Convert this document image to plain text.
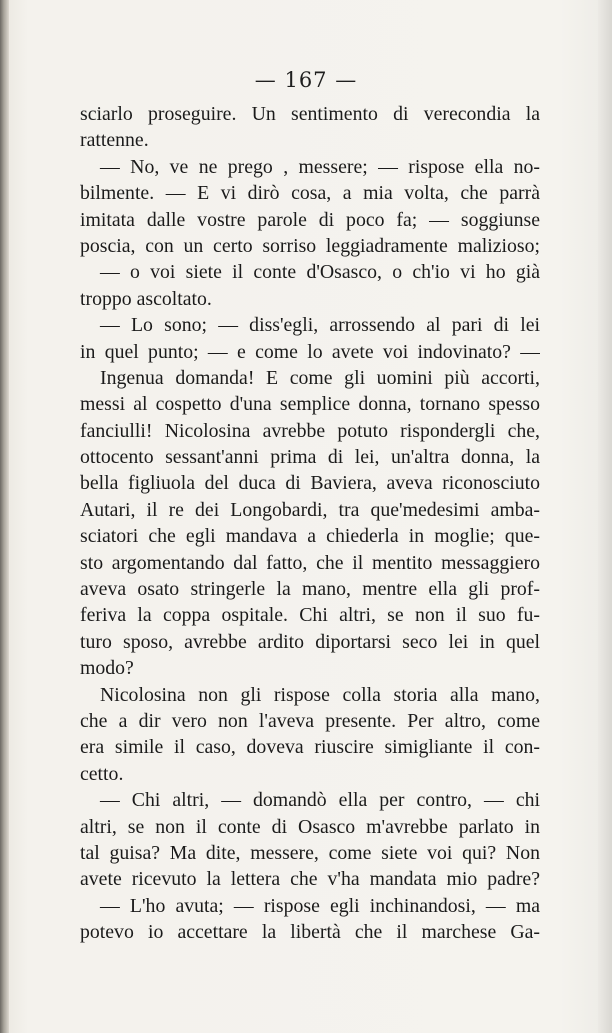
— 167 —
sciarlo proseguire. Un sentimento di verecondia la
rattenne.
— No, ve ne prego , messere; — rispose ella no-
bilmente. — E vi dirò cosa, a mia volta, che parrà
imitata dalle vostre parole di poco fa; — soggiunse
poscia, con un certo sorriso leggiadramente malizioso;
— o voi siete il conte d'Osasco, o ch'io vi ho già
troppo ascoltato.
— Lo sono; — diss'egli, arrossendo al pari di lei
in quel punto; — e come lo avete voi indovinato? —
Ingenua domanda! E come gli uomini più accorti,
messi al cospetto d'una semplice donna, tornano spesso
fanciulli! Nicolosina avrebbe potuto rispondergli che,
ottocento sessant'anni prima di lei, un'altra donna, la
bella figliuola del duca di Baviera, aveva riconosciuto
Autari, il re dei Longobardi, tra que'medesimi amba-
sciatori che egli mandava a chiederla in moglie; que-
sto argomentando dal fatto, che il mentito messaggiero
aveva osato stringerle la mano, mentre ella gli prof-
feriva la coppa ospitale. Chi altri, se non il suo fu-
turo sposo, avrebbe ardito diportarsi seco lei in quel
modo?
Nicolosina non gli rispose colla storia alla mano,
che a dir vero non l'aveva presente. Per altro, come
era simile il caso, doveva riuscire simigliante il con-
cetto.
— Chi altri, — domandò ella per contro, — chi
altri, se non il conte di Osasco m'avrebbe parlato in
tal guisa? Ma dite, messere, come siete voi qui? Non
avete ricevuto la lettera che v'ha mandata mio padre?
— L'ho avuta; — rispose egli inchinandosi, — ma
potevo io accettare la libertà che il marchese Ga-
